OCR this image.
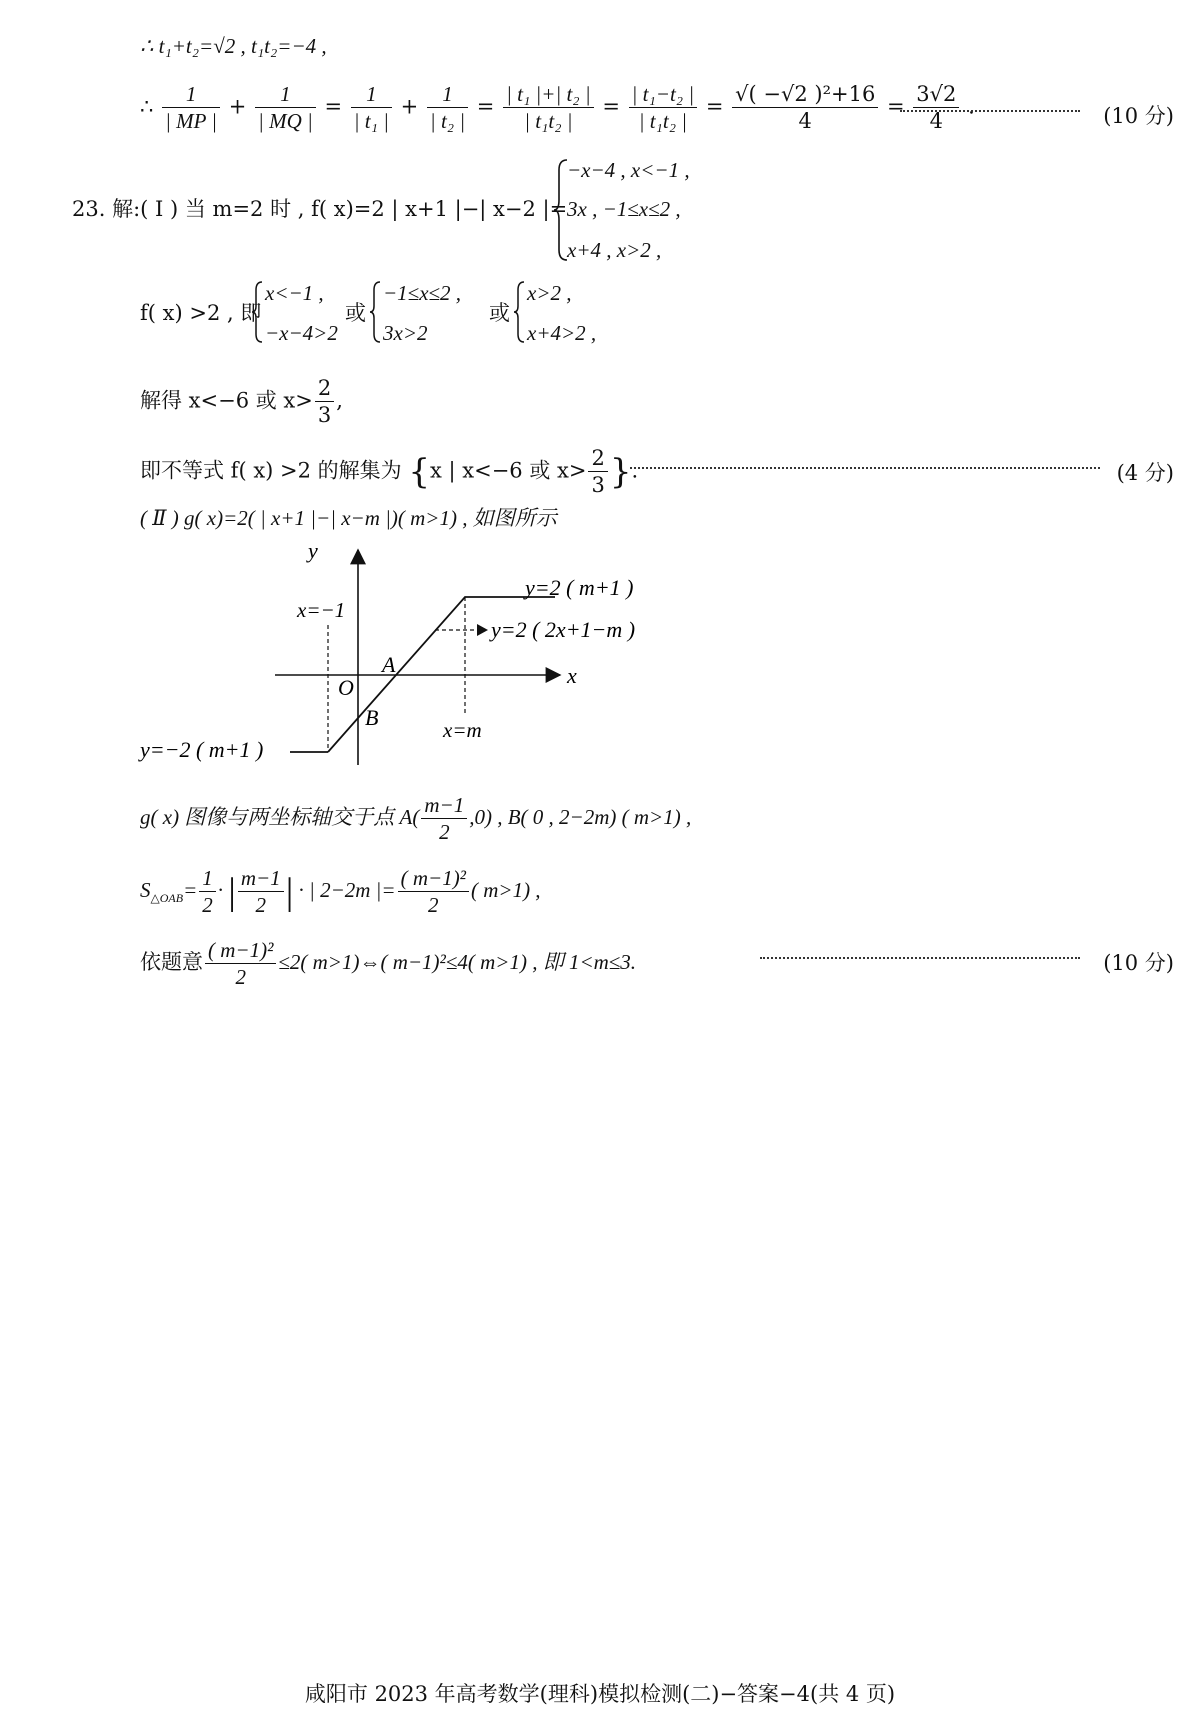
∴ t₁+t₂=√2 , t₁t₂=−4 ,
∴ $\frac{1}{| MP |} + \frac{1}{| MQ |} = \frac{1}{\text{| t₁ |}} + \frac{1}{\text{| t₂ |}} = \frac{\text{| t₁ |+| t₂ |}}{\text{| t₁t₂ |}} = \frac{\text{| t₁−t₂ |}}{\text{| t₁t₂ |}} = \frac{\text{√( −√2 )²+16}}{4} = \frac{3√2}{4}$ .	(10 分)
23. 解:( Ⅰ ) 当 m=2 时 , f( x)=2 | x+1 |−| x−2 |=
−x−4 , x<−1 ,
3x , −1≤x≤2 ,
x+4 , x>2 ,
f( x) >2 , 即
x<−1 ,
−x−4>2
或
−1≤x≤2 ,
3x>2
或
x>2 ,
x+4>2 ,
解得 x<−6 或 $x> \frac{2}{3}$ ,
即不等式 f( x) >2 的解集为 {x | x<−6 或 $x> \frac{2}{3}$ }.	(4 分)
( Ⅱ ) g( x)=2( | x+1 |−| x−m |)( m>1) , 如图所示
y
x
O
A
B
x=−1
x=m
y=2 ( m+1 )
y=2 ( 2x+1−m )
y=−2 ( m+1 )
g( x) 图像与两坐标轴交于点 $A( \frac{m-1}{2} ,0)$ , B( 0 , 2−2m) ( m>1) ,
$S_{\triangle OAB}= \frac{1}{2}$ · | $\frac{m-1}{2}$ | · | 2−2m |= $\frac{\text{( m−1)²}}{2}$ ( m>1) ,
依题意 $\frac{\text{( m−1)²}}{2} \le 2$( m>1)⇔( m−1)²≤4( m>1) , 即 1<m≤3.	(10 分)
咸阳市 2023 年高考数学(理科)模拟检测(二)−答案−4(共 4 页)
